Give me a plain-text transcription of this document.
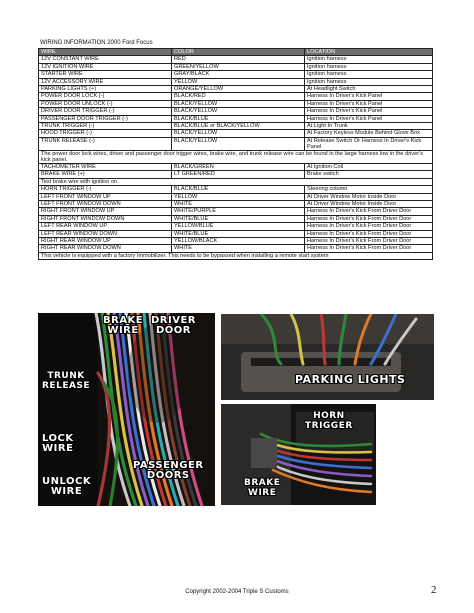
WIRING INFORMATION 2000 Ford Focus
WIRE	COLOR	LOCATION
12V CONSTANT WIRE	RED	Ignition harness
12V IGNITION WIRE	GREEN/YELLOW	Ignition harness
STARTER WIRE	GRAY/BLACK	Ignition harness
12V ACCESSORY WIRE	YELLOW	Ignition harness
PARKING LIGHTS (+)	ORANGE/YELLOW	At Headlight Switch
POWER DOOR LOCK (-)	BLACK/RED	Harness In Driver's Kick Panel
POWER DOOR UNLOCK (-)	BLACK/YELLOW	Harness In Driver's Kick Panel
DRIVER DOOR TRIGGER (-)	BLACK/YELLOW	Harness In Driver's Kick Panel
PASSENGER DOOR TRIGGER (-)	BLACK/BLUE	Harness In Driver's Kick Panel
TRUNK TRIGGER (-)	BLACK/BLUE or BLACK/YELLOW	At Light In Trunk
HOOD TRIGGER (-)	BLACK/YELLOW	At Factory Keyless Module Behind Glove Box
TRUNK RELEASE (-)	BLACK/YELLOW	At Release Switch Or Harness In Driver's Kick Panel
The power door lock wires, driver and passenger door trigger wires, brake wire, and trunk release wire can be found in the large harness low in the driver's kick panel.		
TACHOMETER WIRE	BLACK/GREEN	At Ignition Coil
BRAKE WIRE (+)	LT GREEN/RED	Brake switch
Test brake wire with ignition on.		
HORN TRIGGER (-)	BLACK/BLUE	Steering column
LEFT FRONT WINDOW UP	YELLOW	At Driver Window Motor Inside Door
LEFT FRONT WINDOW DOWN	WHITE	At Driver Window Motor Inside Door
RIGHT FRONT WINDOW UP	WHITE/PURPLE	Harness In Driver's Kick From Driver Door
RIGHT FRONT WINDOW DOWN	WHITE/BLUE	Harness In Driver's Kick From Driver Door
LEFT REAR WINDOW UP	YELLOW/BLUE	Harness In Driver's Kick From Driver Door
LEFT REAR WINDOW DOWN	WHITE/BLUE	Harness In Driver's Kick From Driver Door
RIGHT REAR WINDOW UP	YELLOW/BLACK	Harness In Driver's Kick From Driver Door
RIGHT REAR WINDOW DOWN	WHITE	Harness In Driver's Kick From Driver Door
This vehicle is equipped with a factory Immobilizer. This needs to be bypassed when installing a remote start system		
BRAKE
WIRE
DRIVER
DOOR
TRUNK
RELEASE
LOCK
WIRE
UNLOCK
WIRE
PASSENGER
DOORS
PARKING LIGHTS
HORN
TRIGGER
BRAKE
WIRE
Copyright 2002-2004 Triple S Customs	2
